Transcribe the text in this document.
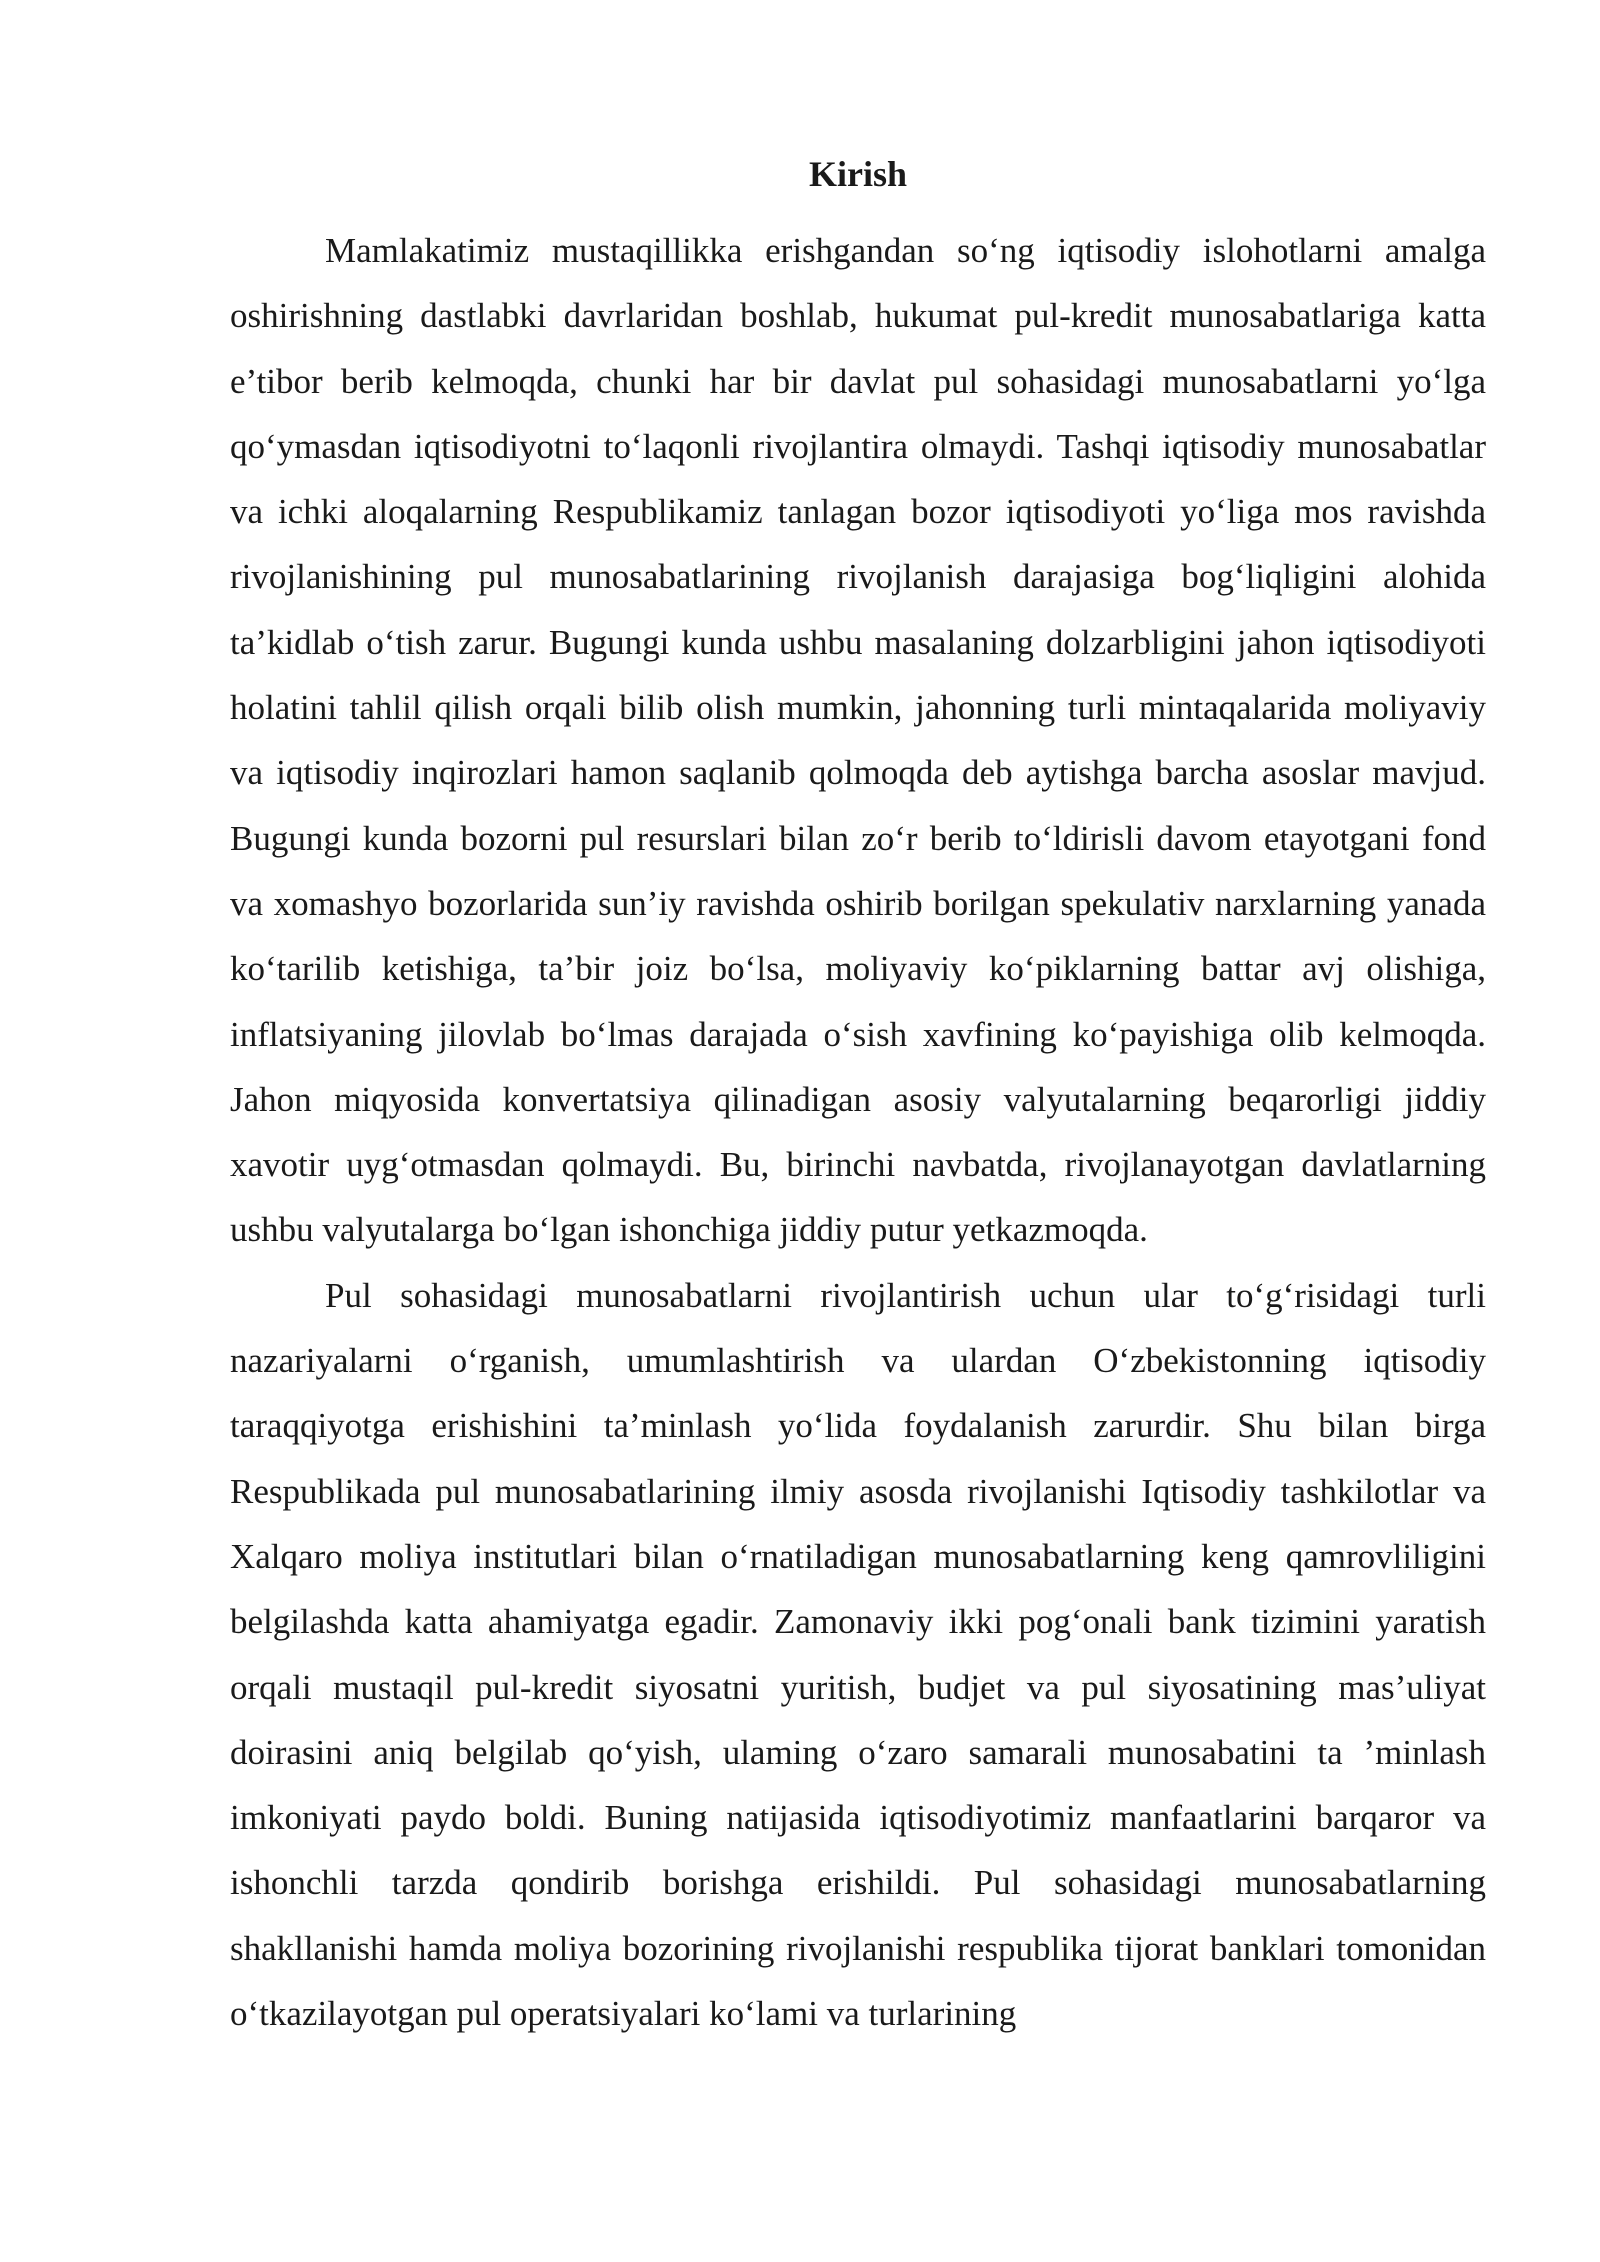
Kirish

Mamlakatimiz mustaqillikka erishgandan so‘ng iqtisodiy islohotlarni amalga oshirishning dastlabki davrlaridan boshlab, hukumat pul-kredit munosabatlariga katta e’tibor berib kelmoqda, chunki har bir davlat pul sohasidagi munosabatlarni yo‘lga qo‘ymasdan iqtisodiyotni to‘laqonli rivojlantira olmaydi. Tashqi iqtisodiy munosabatlar va ichki aloqalarning Respublikamiz tanlagan bozor iqtisodiyoti yo‘liga mos ravishda rivojlanishining pul munosabatlarining rivojlanish darajasiga bog‘liqligini alohida ta’kidlab o‘tish zarur. Bugungi kunda ushbu masalaning dolzarbligini jahon iqtisodiyoti holatini tahlil qilish orqali bilib olish mumkin, jahonning turli mintaqalarida moliyaviy va iqtisodiy inqirozlari hamon saqlanib qolmoqda deb aytishga barcha asoslar mavjud. Bugungi kunda bozorni pul resurslari bilan zo‘r berib to‘ldirisli davom etayotgani fond va xomashyo bozorlarida sun’iy ravishda oshirib borilgan spekulativ narxlarning yanada ko‘tarilib ketishiga, ta’bir joiz bo‘lsa, moliyaviy ko‘piklarning battar avj olishiga, inflatsiyaning jilovlab bo‘lmas darajada o‘sish xavfining ko‘payishiga olib kelmoqda. Jahon miqyosida konvertatsiya qilinadigan asosiy valyutalarning beqarorligi jiddiy xavotir uyg‘otmasdan qolmaydi. Bu, birinchi navbatda, rivojlanayotgan davlatlarning ushbu valyutalarga bo‘lgan ishonchiga jiddiy putur yetkazmoqda.

Pul sohasidagi munosabatlarni rivojlantirish uchun ular to‘g‘risidagi turli nazariyalarni o‘rganish, umumlashtirish va ulardan O‘zbekistonning iqtisodiy taraqqiyotga erishishini ta’minlash yo‘lida foydalanish zarurdir. Shu bilan birga Respublikada pul munosabatlarining ilmiy asosda rivojlanishi Iqtisodiy tashkilotlar va Xalqaro moliya institutlari bilan o‘rnatiladigan munosabatlarning keng qamrovliligini belgilashda katta ahamiyatga egadir. Zamonaviy ikki pog‘onali bank tizimini yaratish orqali mustaqil pul-kredit siyosatni yuritish, budjet va pul siyosatining mas’uliyat doirasini aniq belgilab qo‘yish, ulaming o‘zaro samarali munosabatini ta ’minlash imkoniyati paydo boldi. Buning natijasida iqtisodiyotimiz manfaatlarini barqaror va ishonchli tarzda qondirib borishga erishildi. Pul sohasidagi munosabatlarning shakllanishi hamda moliya bozorining rivojlanishi respublika tijorat banklari tomonidan o‘tkazilayotgan pul operatsiyalari ko‘lami va turlarining
